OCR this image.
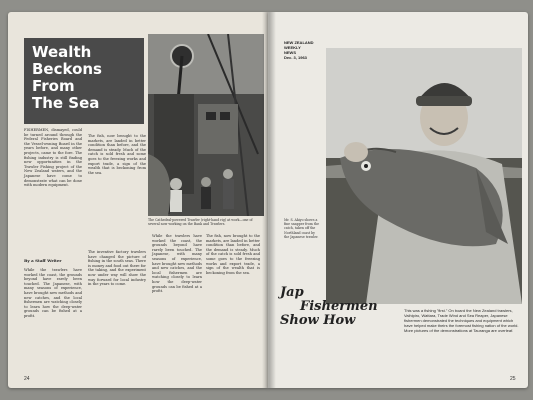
Wealth
Beckons
From
The Sea
The Cathedral-powered Trawler (right-hand rig) at work—one of several now working on the Bank and Trawlers.
FISHERMEN, dismayed, could be turned around through the Federal Fisheries Board and the Vessel-owning Board in the years before, and many other projects, came to the fore. The fishing industry is still finding new opportunities in the Trawler Fishing project of the New Zealand waters, and the Japanese have come to demonstrate what can be done with modern equipment.
By a Staff Writer
While the trawlers have worked the coast, the grounds beyond have rarely been touched. The Japanese, with many seasons of experience, have brought new methods and new catches, and the local fishermen are watching closely to learn how the deep-water grounds can be fished at a profit.
The fish, now brought to the markets, are landed in better condition than before, and the demand is steady. Much of the catch is sold fresh and some goes to the freezing works and export trade, a sign of the wealth that is beckoning from the sea.
The inventive factory trawlers have changed the picture of fishing in the south seas. There is money and food out there for the taking, and the experiment now under way will show the way forward for local industry in the years to come.
While the trawlers have worked the coast, the grounds beyond have rarely been touched. The Japanese, with many seasons of experience, have brought new methods and new catches, and the local fishermen are watching closely to learn how the deep-water grounds can be fished at a profit.
The fish, now brought to the markets, are landed in better condition than before, and the demand is steady. Much of the catch is sold fresh and some goes to the freezing works and export trade, a sign of the wealth that is beckoning from the sea.
24
NEW ZEALAND
WEEKLY
NEWS
Dec. 3, 1963
Mr. S. Akiyo shows a fine snapper from the catch, taken off the Northland coast by the Japanese trawler.
Jap
Fishermen
Show How
This was a fishing "first." On board the New Zealand trawlers, Vaihipiro, Wattara, Trade Wind and Sea Reaper, Japanese fishermen demonstrated the techniques and equipment which have helped make theirs the foremost fishing nation of the world. More pictures of the demonstrations at Tauranga are overleaf.
25
